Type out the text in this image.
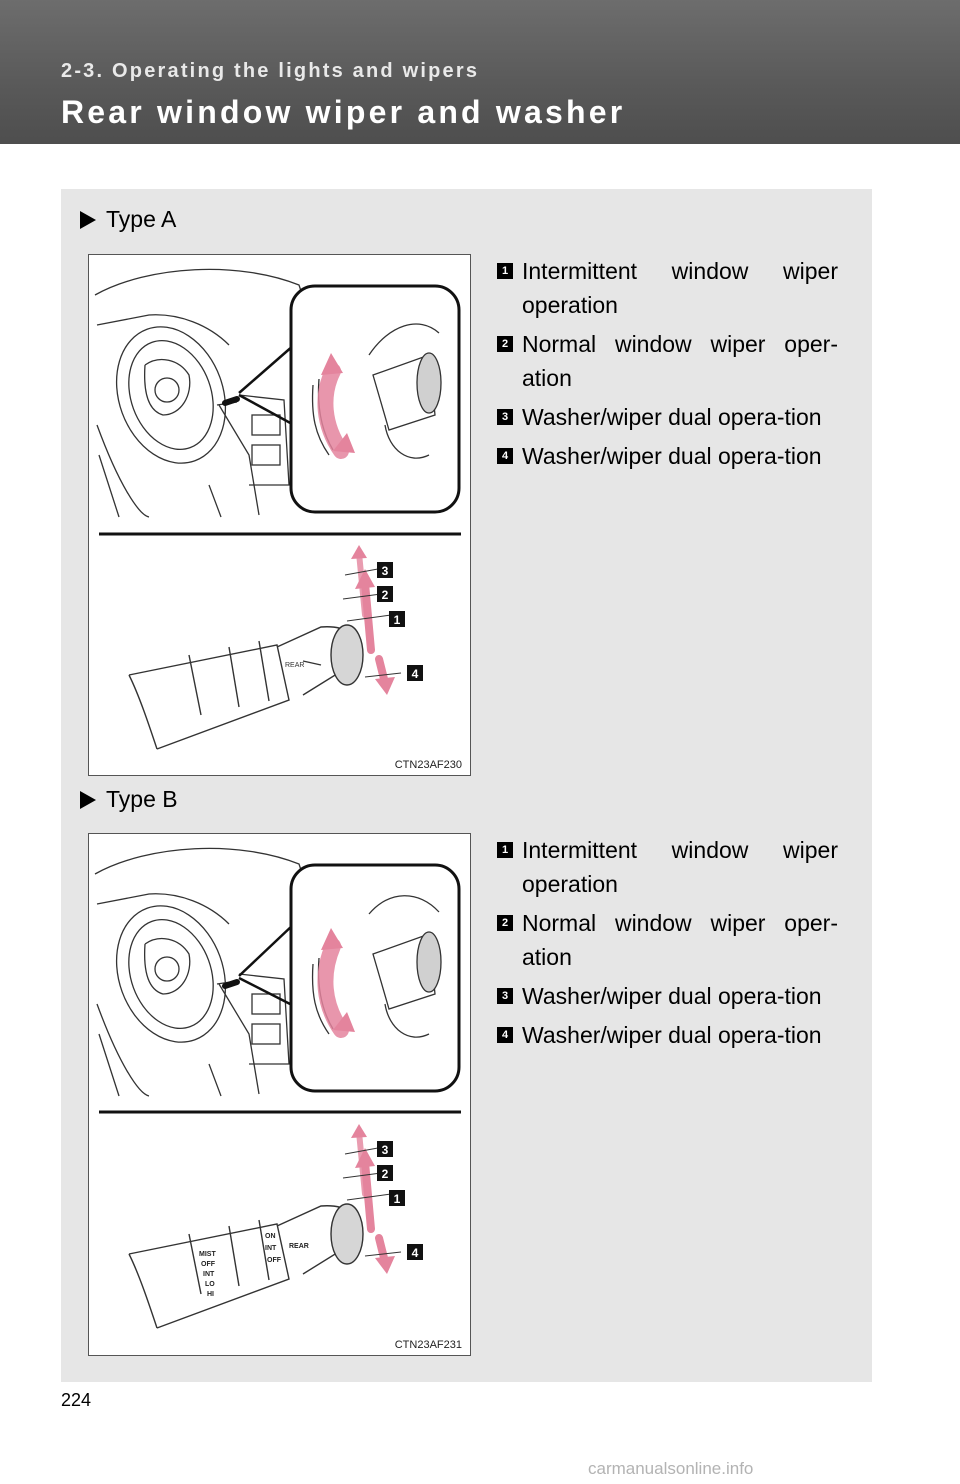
2-3. Operating the lights and wipers
Rear window wiper and washer
Type A
REAR
3
2
1
4
CTN23AF230
1 Intermittent window wiper operation
2 Normal window wiper oper-ation
3 Washer/wiper dual opera-tion
4 Washer/wiper dual opera-tion
Type B
REAR
ON
INT
OFF
MIST
OFF
INT
LO
HI
3
2
1
4
CTN23AF231
1 Intermittent window wiper operation
2 Normal window wiper oper-ation
3 Washer/wiper dual opera-tion
4 Washer/wiper dual opera-tion
224
carmanualsonline.info
